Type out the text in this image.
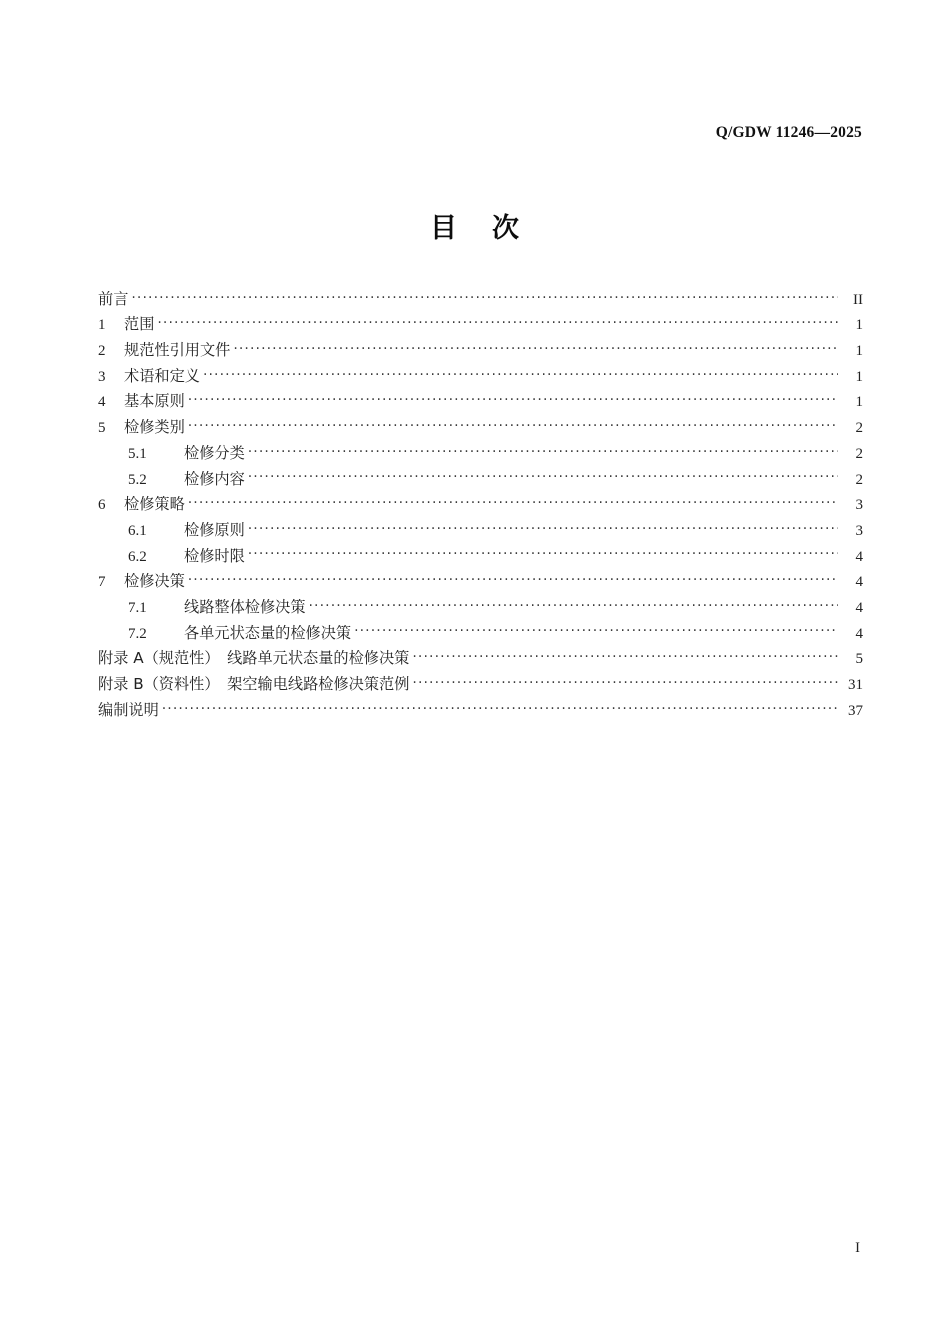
Q/GDW 11246—2025
目 次
前言 ·····	II
1	范围 ·····	1
2	规范性引用文件 ·····	1
3	术语和定义 ·····	1
4	基本原则 ·····	1
5	检修类别 ·····	2
5.1	检修分类 ·····	2
5.2	检修内容 ·····	2
6	检修策略 ·····	3
6.1	检修原则 ·····	3
6.2	检修时限 ·····	4
7	检修决策 ·····	4
7.1	线路整体检修决策 ·····	4
7.2	各单元状态量的检修决策 ·····	4
附录 A（规范性）　线路单元状态量的检修决策 ·····	5
附录 B（资料性）　架空输电线路检修决策范例 ·····	31
编制说明 ·····	37
I
